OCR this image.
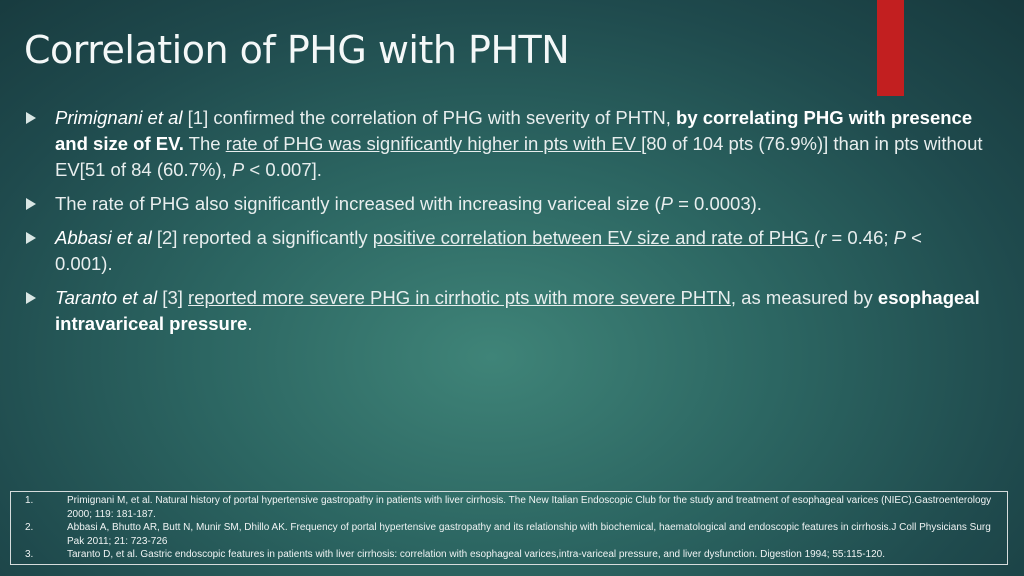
Correlation of PHG with PHTN
Primignani et al [1] confirmed the correlation of PHG with severity of PHTN, by correlating PHG with presence and size of EV. The rate of PHG was significantly higher in pts with EV [80 of 104 pts (76.9%)] than in pts without EV[51 of 84 (60.7%), P < 0.007].
The rate of PHG also significantly increased with increasing variceal size (P = 0.0003).
Abbasi et al [2] reported a significantly positive correlation between EV size and rate of PHG (r = 0.46; P < 0.001).
Taranto et al [3] reported more severe PHG in cirrhotic pts with more severe PHTN, as measured by esophageal intravariceal pressure.
1.	Primignani M, et al. Natural history of portal hypertensive gastropathy in patients with liver cirrhosis. The New Italian Endoscopic Club for the study and treatment of esophageal varices (NIEC).Gastroenterology 2000; 119: 181-187.
2.	Abbasi A, Bhutto AR, Butt N, Munir SM, Dhillo AK. Frequency of portal hypertensive gastropathy and its relationship with biochemical, haematological and endoscopic features in cirrhosis.J Coll Physicians Surg Pak 2011; 21: 723-726
3.	Taranto D, et al. Gastric endoscopic features in patients with liver cirrhosis: correlation with esophageal varices,intra-variceal pressure, and liver dysfunction. Digestion 1994; 55:115-120.
